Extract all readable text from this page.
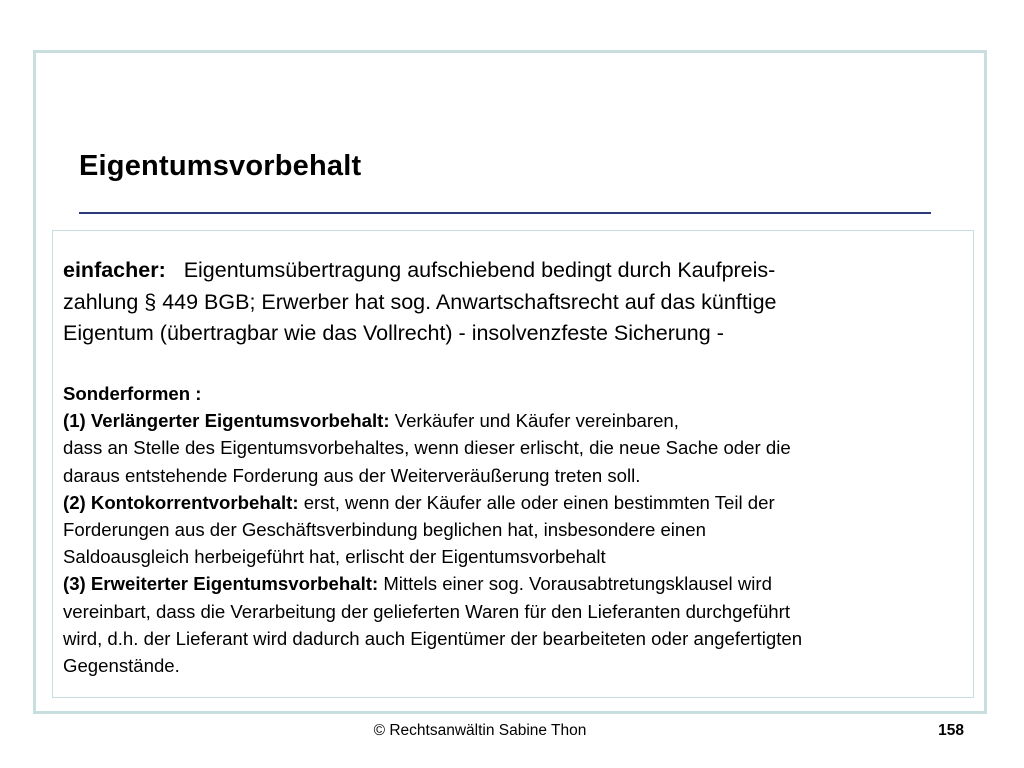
Eigentumsvorbehalt
einfacher: Eigentumsübertragung aufschiebend bedingt durch Kaufpreis-
zahlung § 449 BGB; Erwerber hat sog. Anwartschaftsrecht auf das künftige
Eigentum (übertragbar wie das Vollrecht) - insolvenzfeste Sicherung -
Sonderformen :
(1) Verlängerter Eigentumsvorbehalt: Verkäufer und Käufer vereinbaren,
dass an Stelle des Eigentumsvorbehaltes, wenn dieser erlischt, die neue Sache oder die
daraus entstehende Forderung aus der Weiterveräußerung treten soll.
(2) Kontokorrentvorbehalt: erst, wenn der Käufer alle oder einen bestimmten Teil der
Forderungen aus der Geschäftsverbindung beglichen hat, insbesondere einen
Saldoausgleich herbeigeführt hat, erlischt der Eigentumsvorbehalt
(3) Erweiterter Eigentumsvorbehalt: Mittels einer sog. Vorausabtretungsklausel wird
vereinbart, dass die Verarbeitung der gelieferten Waren für den Lieferanten durchgeführt
wird, d.h. der Lieferant wird dadurch auch Eigentümer der bearbeiteten oder angefertigten
Gegenstände.
© Rechtsanwältin Sabine Thon	158
